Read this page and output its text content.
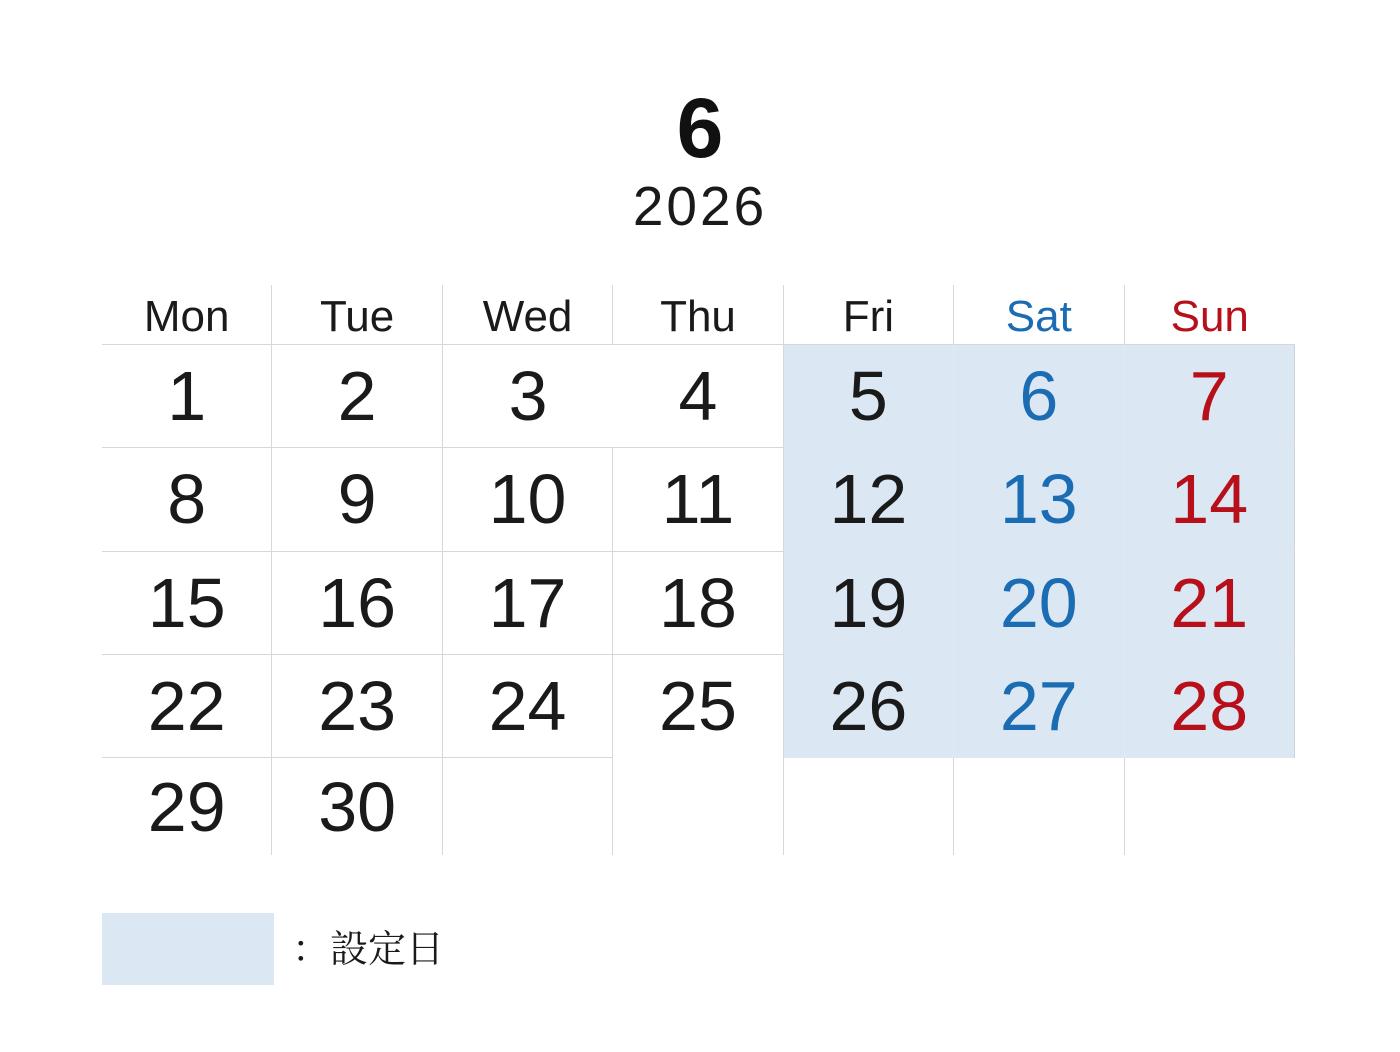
6
2026
Mon	Tue	Wed	Thu	Fri	Sat	Sun
1	2	3	4	5	6	7
8	9	10	11	12	13	14
15	16	17	18	19	20	21
22	23	24	25	26	27	28
29	30
：設定日
